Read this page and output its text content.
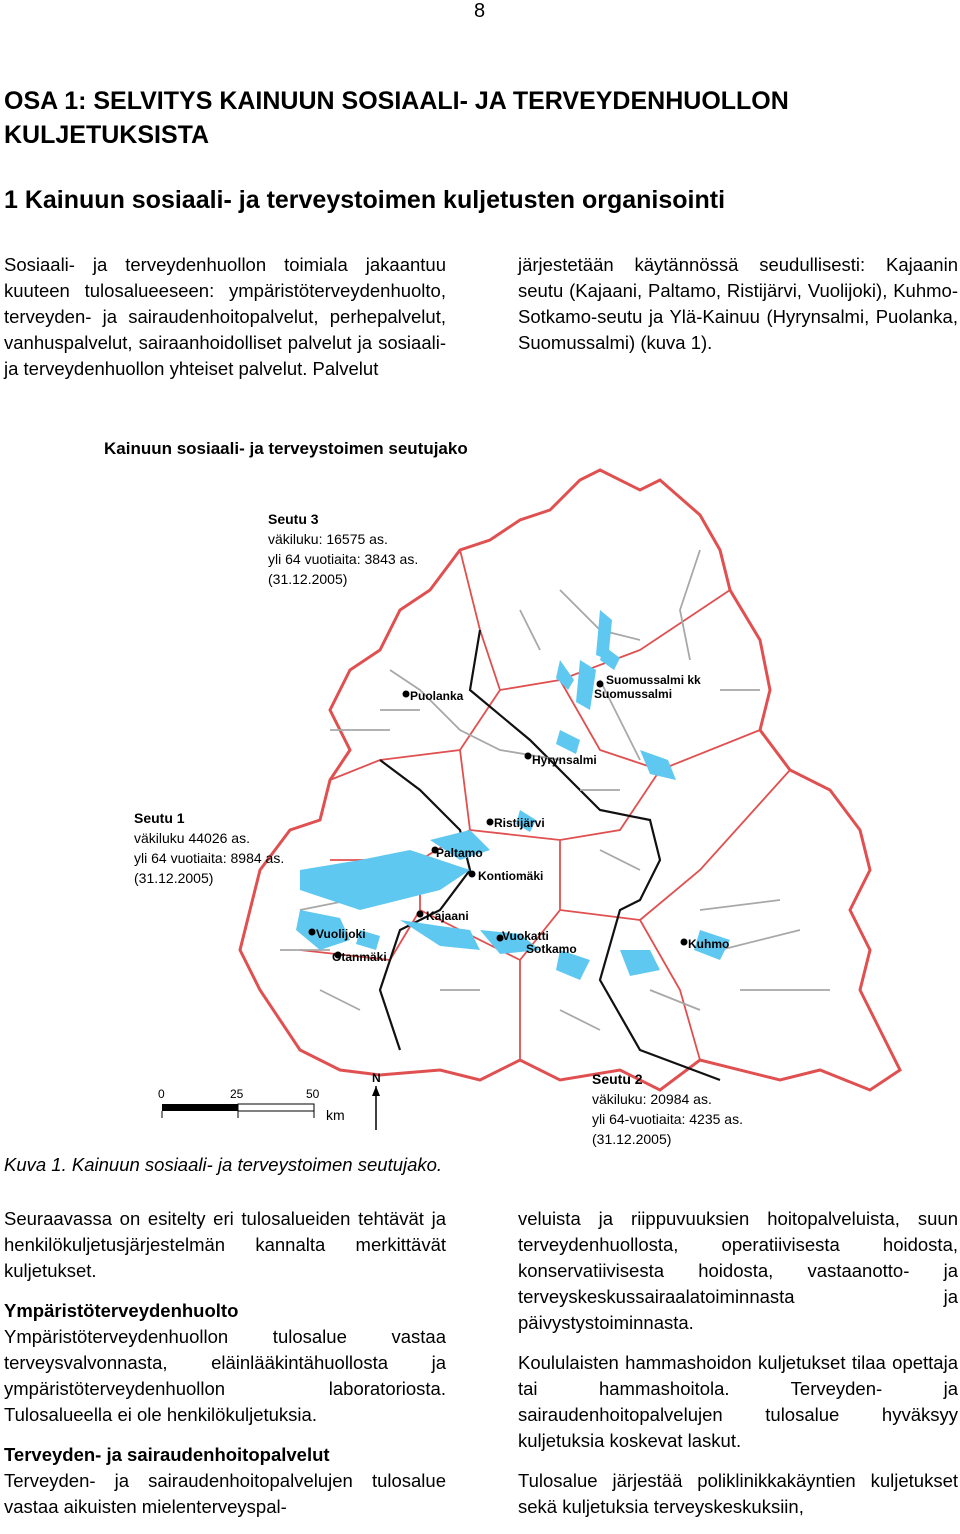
8
OSA 1: SELVITYS KAINUUN SOSIAALI- JA TERVEYDENHUOLLON
KULJETUKSISTA
1 Kainuun sosiaali- ja terveystoimen kuljetusten organisointi

Sosiaali- ja terveydenhuollon toimiala jakaantuu kuuteen tulosalueeseen: ympäristöterveydenhuolto, terveyden- ja sairaudenhoitopalvelut, perhepalvelut, vanhuspalvelut, sairaanhoidolliset palvelut ja sosiaali- ja terveydenhuollon yhteiset palvelut. Palvelut

järjestetään käytännössä seudullisesti: Kajaanin seutu (Kajaani, Paltamo, Ristijärvi, Vuolijoki), Kuhmo-Sotkamo-seutu ja Ylä-Kainuu (Hyrynsalmi, Puolanka, Suomussalmi) (kuva 1).

Kainuun sosiaali- ja terveystoimen seutujako
Seutu 3
väkiluku: 16575 as.
yli 64 vuotiaita: 3843 as.
(31.12.2005)
Seutu 1
väkiluku 44026 as.
yli 64 vuotiaita: 8984 as.
(31.12.2005)
Seutu 2
väkiluku: 20984 as.
yli 64-vuotiaita: 4235 as.
(31.12.2005)
Suomussalmi kk
Suomussalmi
Puolanka
Hyrynsalmi
Ristijärvi
Paltamo
Kontiomäki
Kajaani
Vuolijoki
Otanmäki
Vuokatti
Sotkamo	Kuhmo
0	25	50
km
N
Kuva 1. Kainuun sosiaali- ja terveystoimen seutujako.

Seuraavassa on esitelty eri tulosalueiden tehtävät ja henkilökuljetusjärjestelmän kannalta merkittävät kuljetukset.

Ympäristöterveydenhuolto

Ympäristöterveydenhuollon tulosalue vastaa terveysvalvonnasta, eläinlääkintähuollosta ja ympäristöterveydenhuollon laboratoriosta. Tulosalueella ei ole henkilökuljetuksia.

Terveyden- ja sairaudenhoitopalvelut

Terveyden- ja sairaudenhoitopalvelujen tulosalue vastaa aikuisten mielenterveyspal-

veluista ja riippuvuuksien hoitopalveluista, suun terveydenhuollosta, operatiivisesta hoidosta, konservatiivisesta hoidosta, vastaanotto- ja terveyskeskussairaalatoiminnasta ja päivystystoiminnasta.

Koululaisten hammashoidon kuljetukset tilaa opettaja tai hammashoitola. Terveyden- ja sairaudenhoitopalvelujen tulosalue hyväksyy kuljetuksia koskevat laskut.

Tulosalue järjestää poliklinikkakäyntien kuljetukset sekä kuljetuksia terveyskeskuksiin,
